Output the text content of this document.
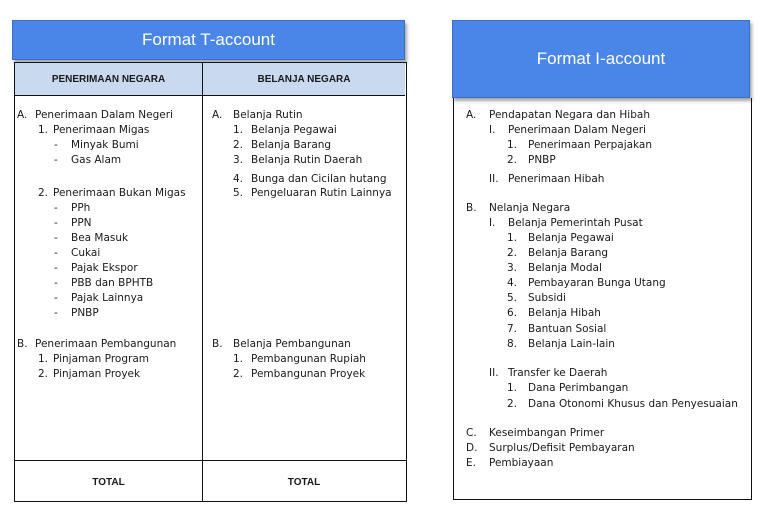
Format T-account
PENERIMAAN NEGARA	BELANJA NEGARA
TOTAL	TOTAL
A. Penerimaan Dalam Negeri
1. Penerimaan Migas
- Minyak Bumi
- Gas Alam
2. Penerimaan Bukan Migas
- PPh
- PPN
- Bea Masuk
- Cukai
- Pajak Ekspor
- PBB dan BPHTB
- Pajak Lainnya
- PNBP
B. Penerimaan Pembangunan
1. Pinjaman Program
2. Pinjaman Proyek
A. Belanja Rutin
1. Belanja Pegawai
2. Belanja Barang
3. Belanja Rutin Daerah
4. Bunga dan Cicilan hutang
5. Pengeluaran Rutin Lainnya
B. Belanja Pembangunan
1. Pembangunan Rupiah
2. Pembangunan Proyek
Format I-account
A. Pendapatan Negara dan Hibah
I. Penerimaan Dalam Negeri
1. Penerimaan Perpajakan
2. PNBP
II. Penerimaan Hibah
B. Nelanja Negara
I. Belanja Pemerintah Pusat
1. Belanja Pegawai
2. Belanja Barang
3. Belanja Modal
4. Pembayaran Bunga Utang
5. Subsidi
6. Belanja Hibah
7. Bantuan Sosial
8. Belanja Lain-lain
II. Transfer ke Daerah
1. Dana Perimbangan
2. Dana Otonomi Khusus dan Penyesuaian
C. Keseimbangan Primer
D. Surplus/Defisit Pembayaran
E. Pembiayaan
